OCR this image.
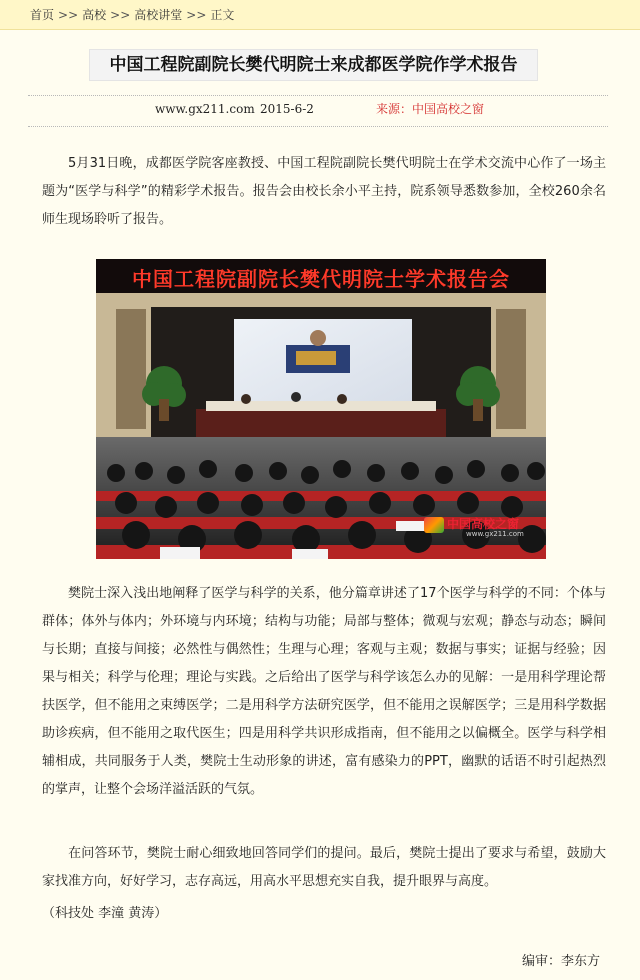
首页 >> 高校 >> 高校讲堂 >> 正文
中国工程院副院长樊代明院士来成都医学院作学术报告
www.gx211.com 2015-6-2	来源：中国高校之窗
5月31日晚，成都医学院客座教授、中国工程院副院长樊代明院士在学术交流中心作了一场主题为“医学与科学”的精彩学术报告。报告会由校长余小平主持，院系领导悉数参加，全校260余名师生现场聆听了报告。
中国工程院副院长樊代明院士学术报告会
中国高校之窗
www.gx211.com
樊院士深入浅出地阐释了医学与科学的关系，他分篇章讲述了17个医学与科学的不同：个体与群体；体外与体内；外环境与内环境；结构与功能；局部与整体；微观与宏观；静态与动态；瞬间与长期；直接与间接；必然性与偶然性；生理与心理；客观与主观；数据与事实；证据与经验；因果与相关；科学与伦理；理论与实践。之后给出了医学与科学该怎么办的见解：一是用科学理论帮扶医学，但不能用之束缚医学；二是用科学方法研究医学，但不能用之误解医学；三是用科学数据助诊疾病，但不能用之取代医生；四是用科学共识形成指南，但不能用之以偏概全。医学与科学相辅相成，共同服务于人类，樊院士生动形象的讲述，富有感染力的PPT，幽默的话语不时引起热烈的掌声，让整个会场洋溢活跃的气氛。
在问答环节，樊院士耐心细致地回答同学们的提问。最后，樊院士提出了要求与希望，鼓励大家找准方向，好好学习，志存高远，用高水平思想充实自我，提升眼界与高度。
（科技处 李潼 黄涛）
编审：李东方
